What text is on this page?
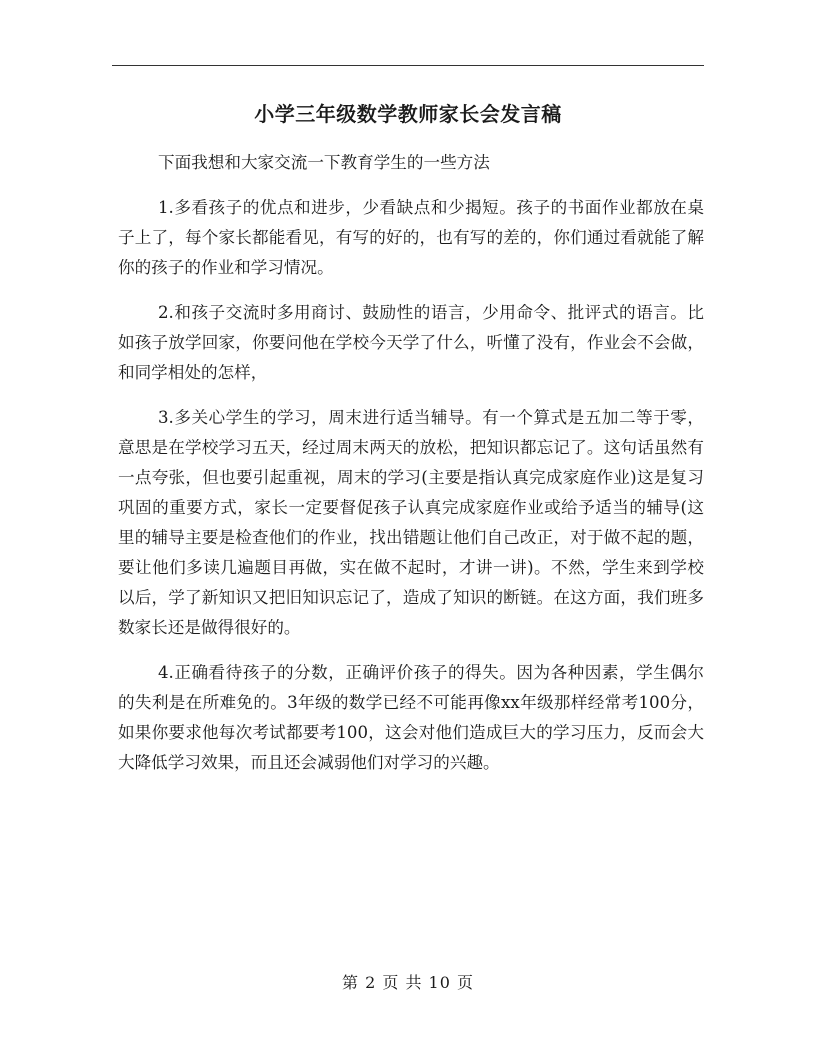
小学三年级数学教师家长会发言稿

下面我想和大家交流一下教育学生的一些方法

1.多看孩子的优点和进步，少看缺点和少揭短。孩子的书面作业都放在桌子上了，每个家长都能看见，有写的好的，也有写的差的，你们通过看就能了解你的孩子的作业和学习情况。

2.和孩子交流时多用商讨、鼓励性的语言，少用命令、批评式的语言。比如孩子放学回家，你要问他在学校今天学了什么，听懂了没有，作业会不会做，和同学相处的怎样，

3.多关心学生的学习，周末进行适当辅导。有一个算式是五加二等于零，意思是在学校学习五天，经过周末两天的放松，把知识都忘记了。这句话虽然有一点夸张，但也要引起重视，周末的学习(主要是指认真完成家庭作业)这是复习巩固的重要方式，家长一定要督促孩子认真完成家庭作业或给予适当的辅导(这里的辅导主要是检查他们的作业，找出错题让他们自己改正，对于做不起的题，要让他们多读几遍题目再做，实在做不起时，才讲一讲)。不然，学生来到学校以后，学了新知识又把旧知识忘记了，造成了知识的断链。在这方面，我们班多数家长还是做得很好的。

4.正确看待孩子的分数，正确评价孩子的得失。因为各种因素，学生偶尔的失利是在所难免的。3年级的数学已经不可能再像xx年级那样经常考100分，如果你要求他每次考试都要考100，这会对他们造成巨大的学习压力，反而会大大降低学习效果，而且还会减弱他们对学习的兴趣。

第 2 页 共 10 页
